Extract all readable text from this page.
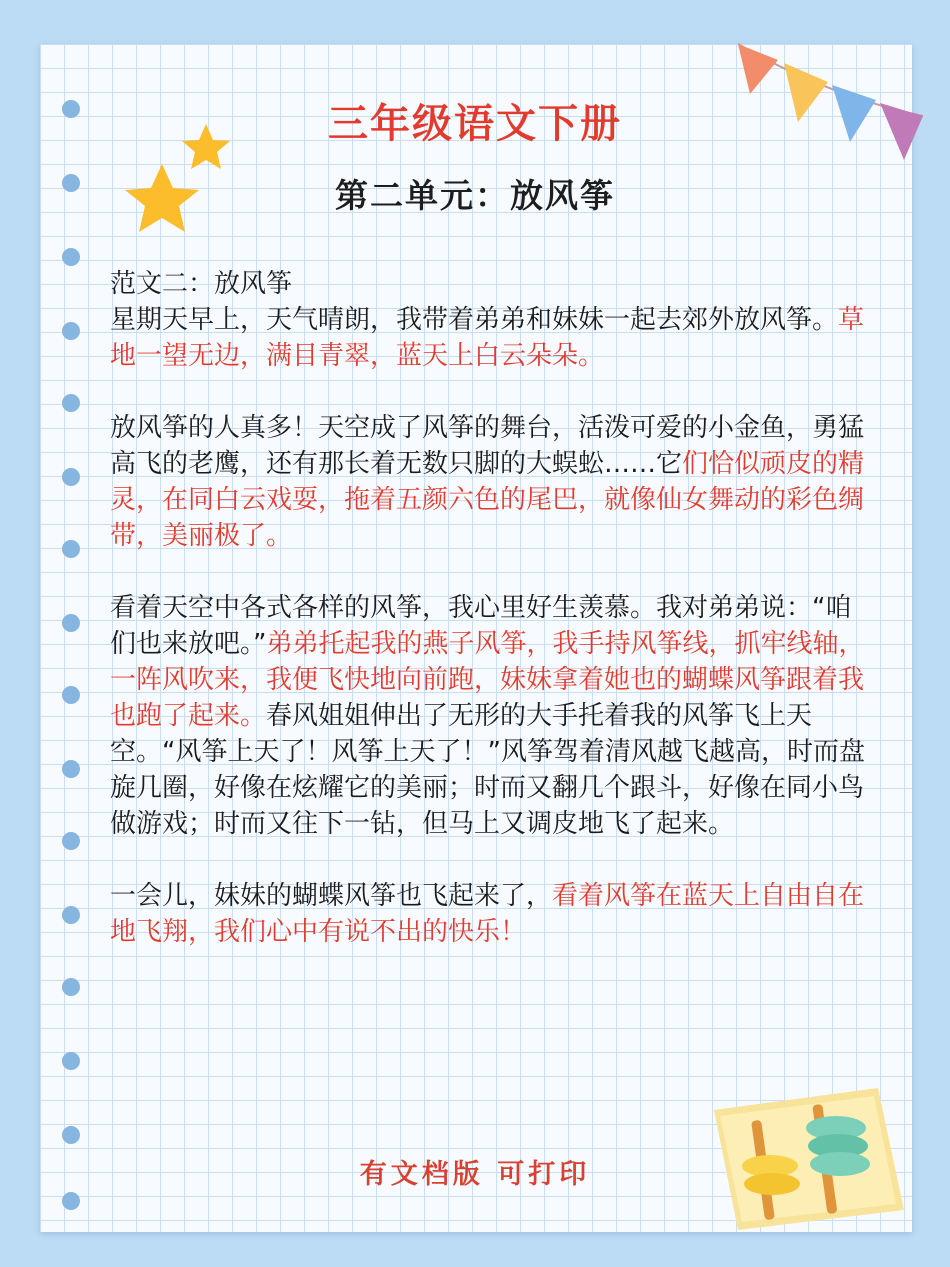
三年级语文下册
第二单元：放风筝

范文二：放风筝

星期天早上，天气晴朗，我带着弟弟和妹妹一起去郊外放风筝。草地一望无边，满目青翠，蓝天上白云朵朵。

放风筝的人真多！天空成了风筝的舞台，活泼可爱的小金鱼，勇猛高飞的老鹰，还有那长着无数只脚的大蜈蚣……它们恰似顽皮的精灵，在同白云戏耍，拖着五颜六色的尾巴，就像仙女舞动的彩色绸带，美丽极了。

看着天空中各式各样的风筝，我心里好生羡慕。我对弟弟说：“咱们也来放吧。”弟弟托起我的燕子风筝，我手持风筝线，抓牢线轴，一阵风吹来，我便飞快地向前跑，妹妹拿着她也的蝴蝶风筝跟着我也跑了起来。春风姐姐伸出了无形的大手托着我的风筝飞上天空。“风筝上天了！风筝上天了！”风筝驾着清风越飞越高，时而盘旋几圈，好像在炫耀它的美丽；时而又翻几个跟斗，好像在同小鸟做游戏；时而又往下一钻，但马上又调皮地飞了起来。

一会儿，妹妹的蝴蝶风筝也飞起来了，看着风筝在蓝天上自由自在地飞翔，我们心中有说不出的快乐！

有文档版 可打印
